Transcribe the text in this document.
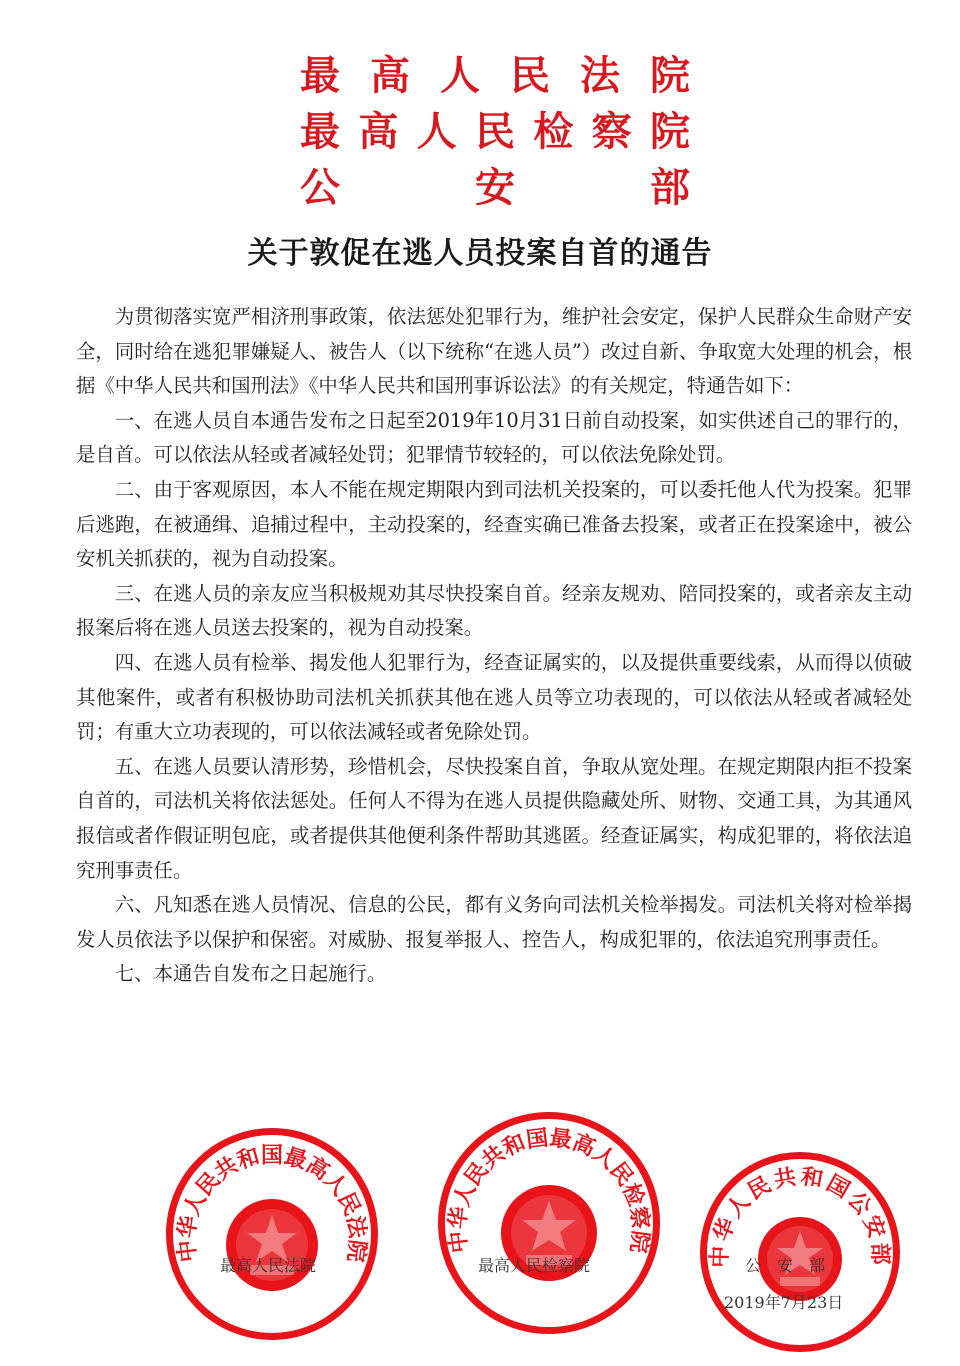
最 高 人 民 法 院
最 高 人 民 检 察 院
公	安	部
关于敦促在逃人员投案自首的通告

为贯彻落实宽严相济刑事政策，依法惩处犯罪行为，维护社会安定，保护人民群众生命财产安全，同时给在逃犯罪嫌疑人、被告人（以下统称“在逃人员”）改过自新、争取宽大处理的机会，根据《中华人民共和国刑法》《中华人民共和国刑事诉讼法》的有关规定，特通告如下：

一、在逃人员自本通告发布之日起至2019年10月31日前自动投案，如实供述自己的罪行的，是自首。可以依法从轻或者减轻处罚；犯罪情节较轻的，可以依法免除处罚。

二、由于客观原因，本人不能在规定期限内到司法机关投案的，可以委托他人代为投案。犯罪后逃跑，在被通缉、追捕过程中，主动投案的，经查实确已准备去投案，或者正在投案途中，被公安机关抓获的，视为自动投案。

三、在逃人员的亲友应当积极规劝其尽快投案自首。经亲友规劝、陪同投案的，或者亲友主动报案后将在逃人员送去投案的，视为自动投案。

四、在逃人员有检举、揭发他人犯罪行为，经查证属实的，以及提供重要线索，从而得以侦破其他案件，或者有积极协助司法机关抓获其他在逃人员等立功表现的，可以依法从轻或者减轻处罚；有重大立功表现的，可以依法减轻或者免除处罚。

五、在逃人员要认清形势，珍惜机会，尽快投案自首，争取从宽处理。在规定期限内拒不投案自首的，司法机关将依法惩处。任何人不得为在逃人员提供隐藏处所、财物、交通工具，为其通风报信或者作假证明包庇，或者提供其他便利条件帮助其逃匿。经查证属实，构成犯罪的，将依法追究刑事责任。

六、凡知悉在逃人员情况、信息的公民，都有义务向司法机关检举揭发。司法机关将对检举揭发人员依法予以保护和保密。对威胁、报复举报人、控告人，构成犯罪的，依法追究刑事责任。

七、本通告自发布之日起施行。

中华人民共和国最高人民法院	中华人民共和国最高人民检察院
中华人民共和国公安部
最高人民法院	最高人民检察院	公　安　部
2019年7月23日
